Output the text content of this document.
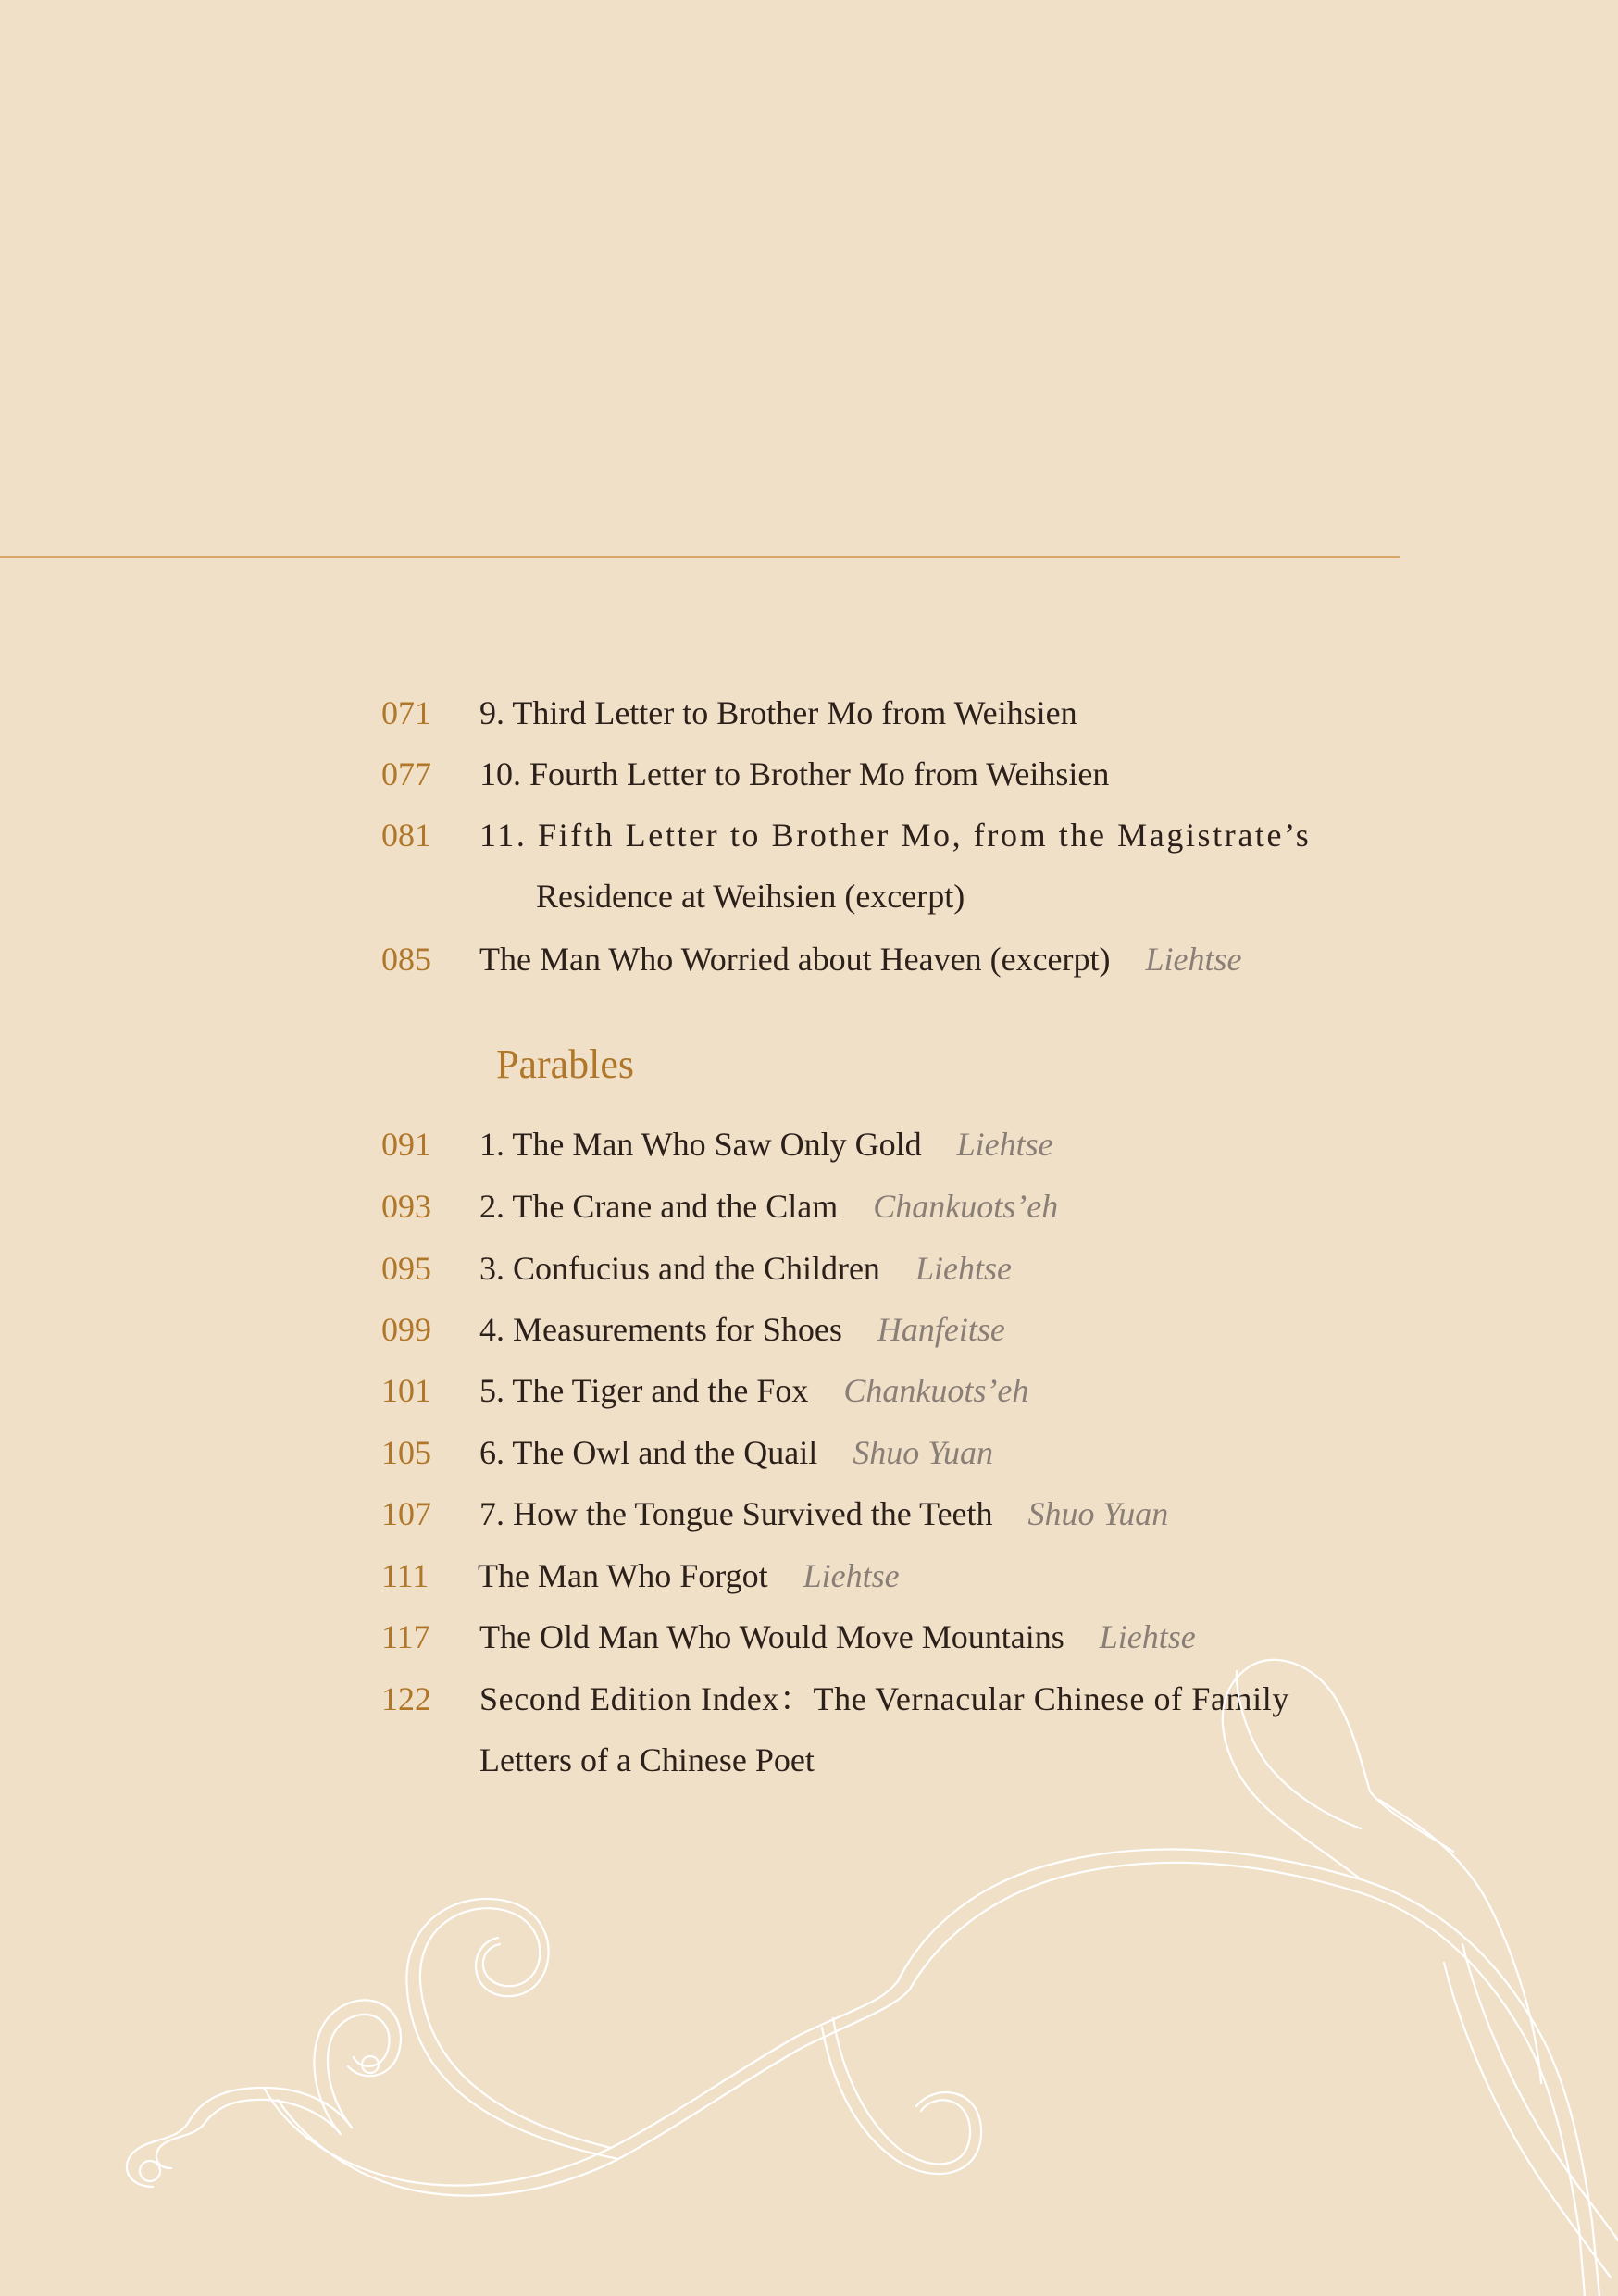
071 9. Third Letter to Brother Mo from Weihsien
077 10. Fourth Letter to Brother Mo from Weihsien
081 11. Fifth Letter to Brother Mo, from the Magistrate’s
Residence at Weihsien (excerpt)
085 The Man Who Worried about Heaven (excerpt) Liehtse
Parables
091 1. The Man Who Saw Only Gold Liehtse
093 2. The Crane and the Clam Chankuots’eh
095 3. Confucius and the Children Liehtse
099 4. Measurements for Shoes Hanfeitse
101 5. The Tiger and the Fox Chankuots’eh
105 6. The Owl and the Quail Shuo Yuan
107 7. How the Tongue Survived the Teeth Shuo Yuan
111 The Man Who Forgot Liehtse
117 The Old Man Who Would Move Mountains Liehtse
122 Second Edition Index：The Vernacular Chinese of Family
Letters of a Chinese Poet
